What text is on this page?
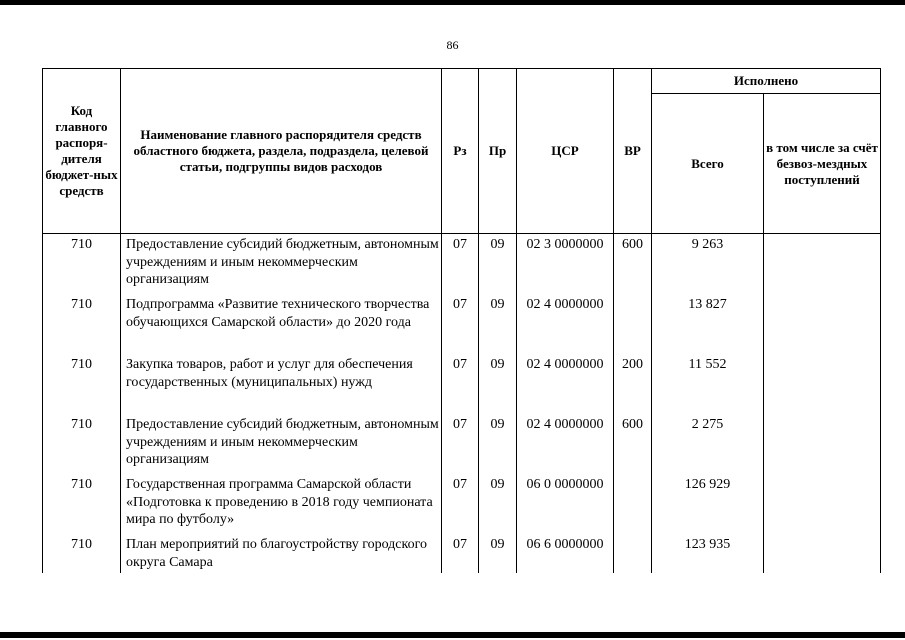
86
Код главного распоря-дителя бюджет-ных средств	Наименование главного распорядителя средств областного бюджета, раздела, подраздела, целевой статьи, подгруппы видов расходов	Рз	Пр	ЦСР	ВР	Исполнено	
						Всего	в том числе за счёт безвоз-мездных поступлений
710	Предоставление субсидий бюджетным, автономным учреждениям и иным некоммерческим организациям	07	09	02 3 0000000	600	9 263	
710	Подпрограмма «Развитие технического творчества обучающихся Самарской области» до 2020 года	07	09	02 4 0000000		13 827	
710	Закупка товаров, работ и услуг для обеспечения государственных (муниципальных) нужд	07	09	02 4 0000000	200	11 552	
710	Предоставление субсидий бюджетным, автономным учреждениям и иным некоммерческим организациям	07	09	02 4 0000000	600	2 275	
710	Государственная программа Самарской области «Подготовка к проведению в 2018 году чемпионата мира по футболу»	07	09	06 0 0000000		126 929	
710	План мероприятий по благоустройству городского округа Самара	07	09	06 6 0000000		123 935	
